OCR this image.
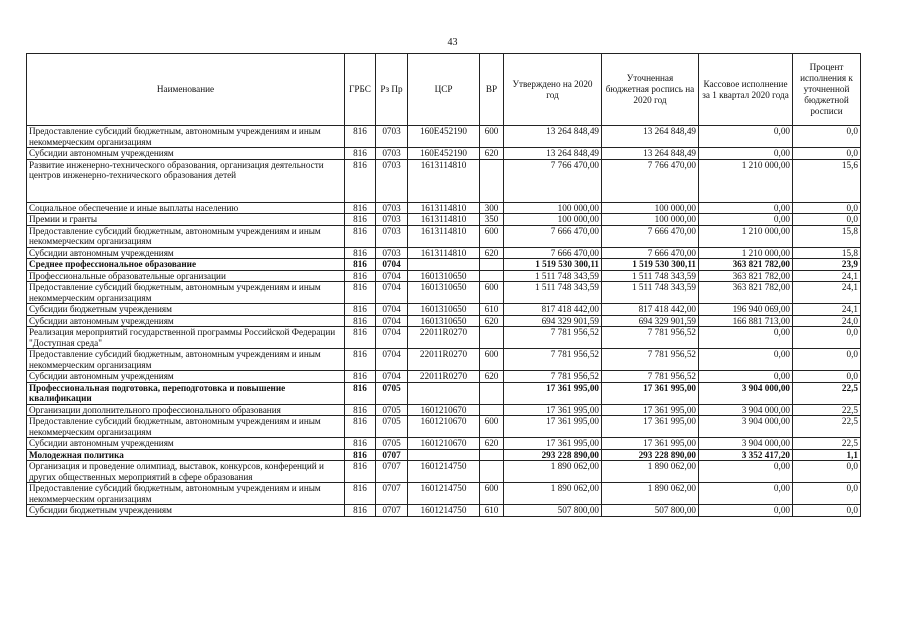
43
Наименование	ГРБС	Рз Пр	ЦСР	ВР	Утверждено на 2020 год	Уточненная бюджетная роспись на 2020 год	Кассовое исполнение за 1 квартал 2020 года	Процент исполнения к уточненной бюджетной росписи
Предоставление субсидий бюджетным, автономным учреждениям и иным некоммерческим организациям	816	0703	160E452190	600	13 264 848,49	13 264 848,49	0,00	0,0
Субсидии автономным учреждениям	816	0703	160E452190	620	13 264 848,49	13 264 848,49	0,00	0,0
Развитие инженерно-технического образования, организация деятельности центров инженерно-технического образования детей	816	0703	1613114810		7 766 470,00	7 766 470,00	1 210 000,00	15,6
Социальное обеспечение и иные выплаты населению	816	0703	1613114810	300	100 000,00	100 000,00	0,00	0,0
Премии и гранты	816	0703	1613114810	350	100 000,00	100 000,00	0,00	0,0
Предоставление субсидий бюджетным, автономным учреждениям и иным некоммерческим организациям	816	0703	1613114810	600	7 666 470,00	7 666 470,00	1 210 000,00	15,8
Субсидии автономным учреждениям	816	0703	1613114810	620	7 666 470,00	7 666 470,00	1 210 000,00	15,8
Среднее профессиональное образование	816	0704			1 519 530 300,11	1 519 530 300,11	363 821 782,00	23,9
Профессиональные образовательные организации	816	0704	1601310650		1 511 748 343,59	1 511 748 343,59	363 821 782,00	24,1
Предоставление субсидий бюджетным, автономным учреждениям и иным некоммерческим организациям	816	0704	1601310650	600	1 511 748 343,59	1 511 748 343,59	363 821 782,00	24,1
Субсидии бюджетным учреждениям	816	0704	1601310650	610	817 418 442,00	817 418 442,00	196 940 069,00	24,1
Субсидии автономным учреждениям	816	0704	1601310650	620	694 329 901,59	694 329 901,59	166 881 713,00	24,0
Реализация мероприятий государственной программы Российской Федерации "Доступная среда"	816	0704	22011R0270		7 781 956,52	7 781 956,52	0,00	0,0
Предоставление субсидий бюджетным, автономным учреждениям и иным некоммерческим организациям	816	0704	22011R0270	600	7 781 956,52	7 781 956,52	0,00	0,0
Субсидии автономным учреждениям	816	0704	22011R0270	620	7 781 956,52	7 781 956,52	0,00	0,0
Профессиональная подготовка, переподготовка и повышение квалификации	816	0705			17 361 995,00	17 361 995,00	3 904 000,00	22,5
Организации дополнительного профессионального образования	816	0705	1601210670		17 361 995,00	17 361 995,00	3 904 000,00	22,5
Предоставление субсидий бюджетным, автономным учреждениям и иным некоммерческим организациям	816	0705	1601210670	600	17 361 995,00	17 361 995,00	3 904 000,00	22,5
Субсидии автономным учреждениям	816	0705	1601210670	620	17 361 995,00	17 361 995,00	3 904 000,00	22,5
Молодежная политика	816	0707			293 228 890,00	293 228 890,00	3 352 417,20	1,1
Организация и проведение олимпиад, выставок, конкурсов, конференций и других общественных мероприятий в сфере образования	816	0707	1601214750		1 890 062,00	1 890 062,00	0,00	0,0
Предоставление субсидий бюджетным, автономным учреждениям и иным некоммерческим организациям	816	0707	1601214750	600	1 890 062,00	1 890 062,00	0,00	0,0
Субсидии бюджетным учреждениям	816	0707	1601214750	610	507 800,00	507 800,00	0,00	0,0
